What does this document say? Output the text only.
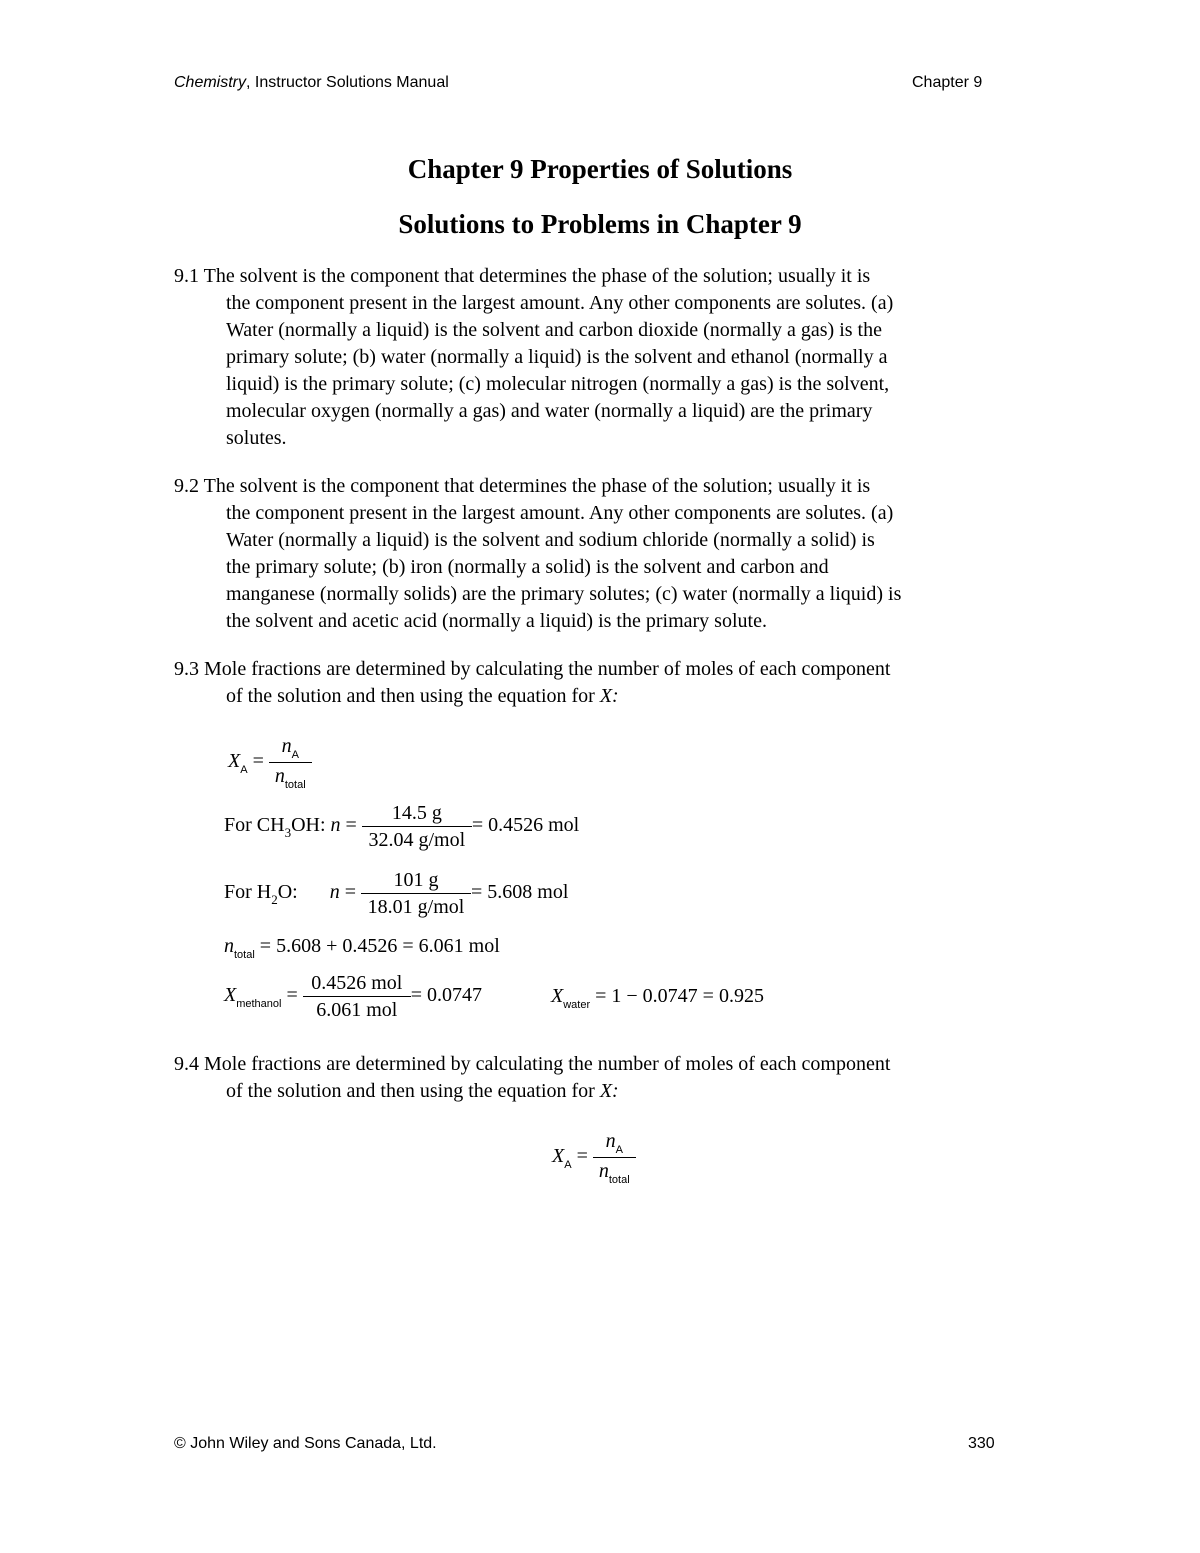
Chemistry, Instructor Solutions Manual	Chapter 9
Chapter 9 Properties of Solutions
Solutions to Problems in Chapter 9
9.1 The solvent is the component that determines the phase of the solution; usually it is
the component present in the largest amount. Any other components are solutes. (a)
Water (normally a liquid) is the solvent and carbon dioxide (normally a gas) is the
primary solute; (b) water (normally a liquid) is the solvent and ethanol (normally a
liquid) is the primary solute; (c) molecular nitrogen (normally a gas) is the solvent,
molecular oxygen (normally a gas) and water (normally a liquid) are the primary
solutes.
9.2 The solvent is the component that determines the phase of the solution; usually it is
the component present in the largest amount. Any other components are solutes. (a)
Water (normally a liquid) is the solvent and sodium chloride (normally a solid) is
the primary solute; (b) iron (normally a solid) is the solvent and carbon and
manganese (normally solids) are the primary solutes; (c) water (normally a liquid) is
the solvent and acetic acid (normally a liquid) is the primary solute.
9.3 Mole fractions are determined by calculating the number of moles of each component
of the solution and then using the equation for X:
$X_A = \frac{n_A}{n_{total}}$
For $CH_3OH$: $n = \frac{14.5 g}{\text{32.04 g/mol}} = 0.4526$ mol
For $H_2O$: $n = \frac{101 g}{\text{18.01 g/mol}} = 5.608$ mol
$n_{total} = 5.608 + 0.4526 = 6.061$ mol
$X_{methanol} = \frac{\text{0.4526 mol}}{\text{6.061 mol}} = 0.0747$	$X_{water} = 1 - 0.0747 = 0.925$
9.4 Mole fractions are determined by calculating the number of moles of each component
of the solution and then using the equation for X:
$X_A = \frac{n_A}{n_{total}}$
© John Wiley and Sons Canada, Ltd.	330
